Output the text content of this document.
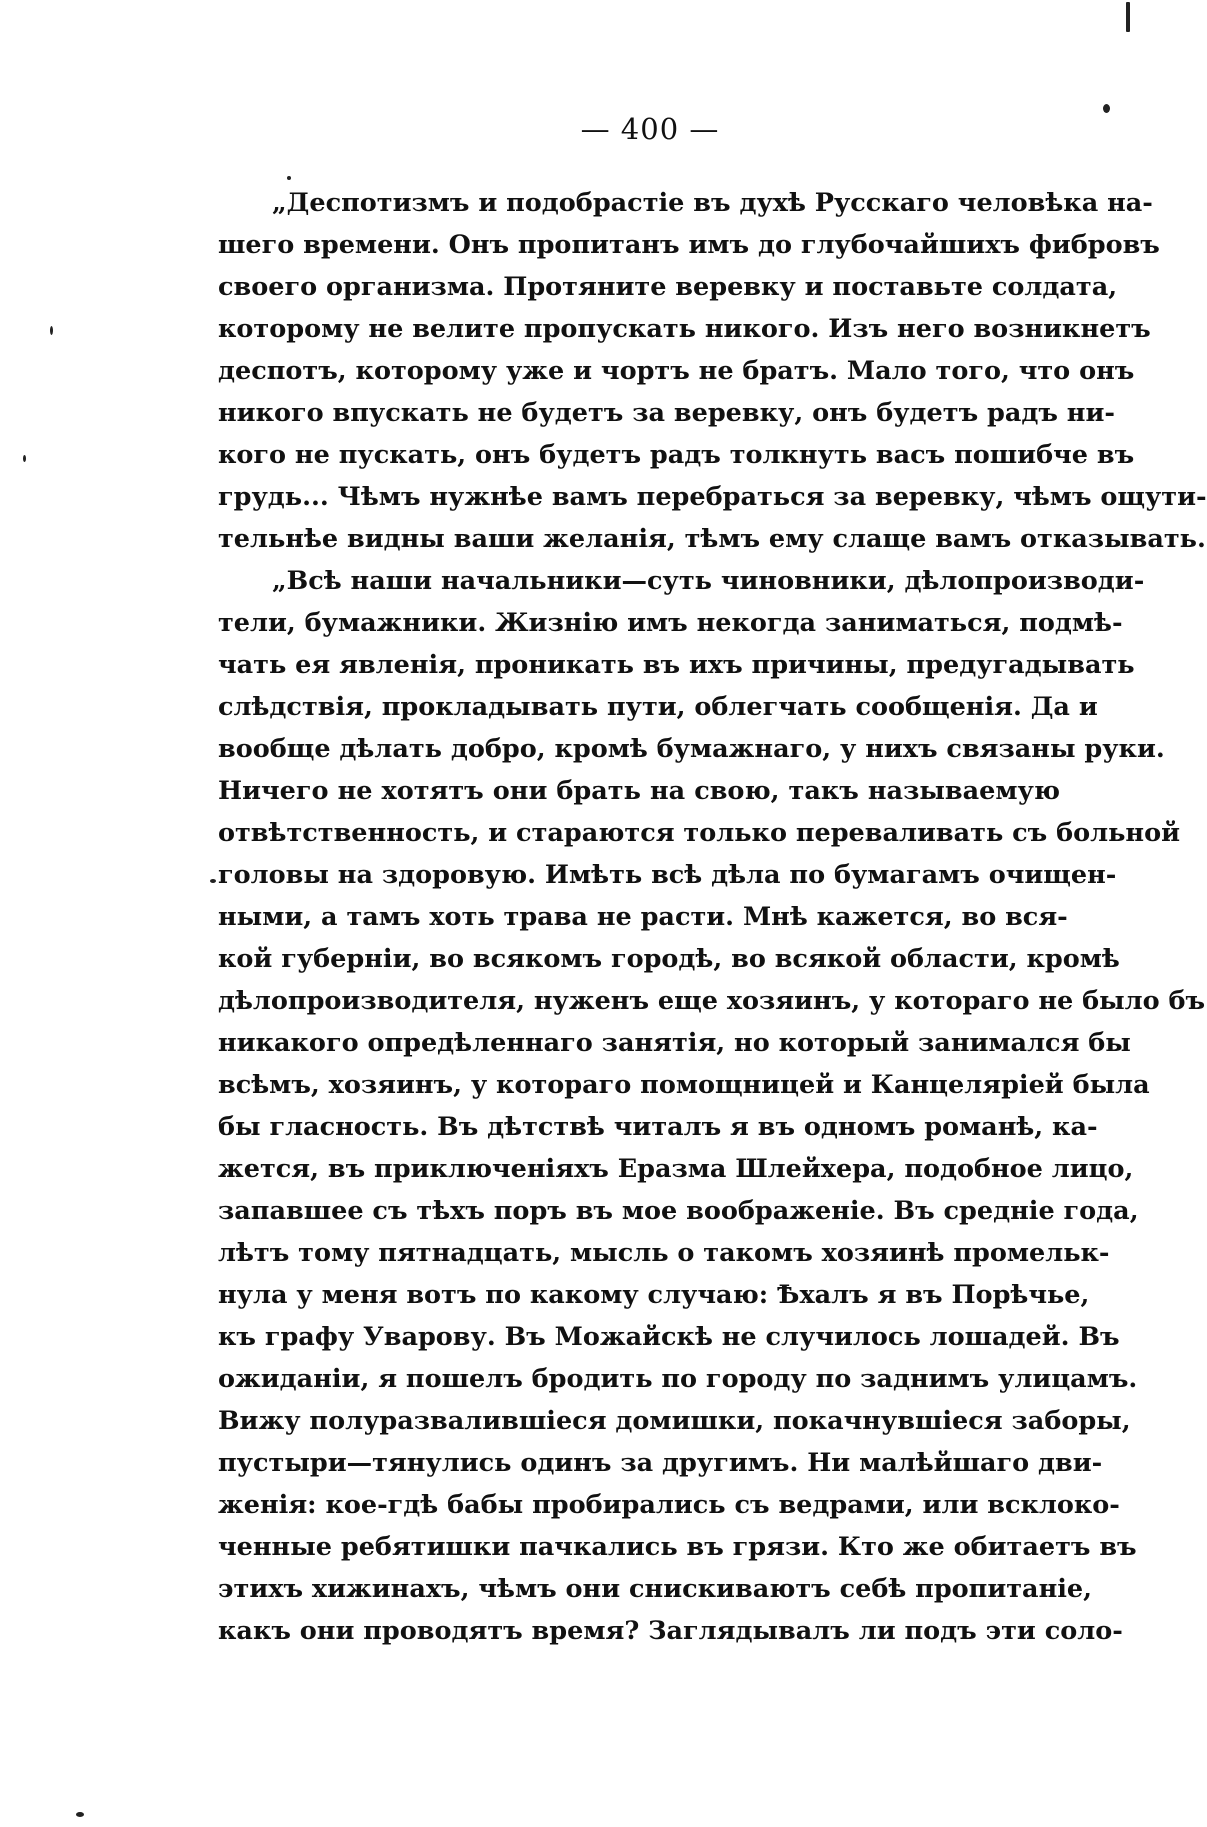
— 400 —
„Деспотизмъ и подобрастіе въ духѣ Русскаго человѣка на-
шего времени. Онъ пропитанъ имъ до глубочайшихъ фибровъ
своего организма. Протяните веревку и поставьте солдата,
которому не велите пропускать никого. Изъ него возникнетъ
деспотъ, которому уже и чортъ не братъ. Мало того, что онъ
никого впускать не будетъ за веревку, онъ будетъ радъ ни-
кого не пускать, онъ будетъ радъ толкнуть васъ пошибче въ
грудь... Чѣмъ нужнѣе вамъ перебраться за веревку, чѣмъ ощути-
тельнѣе видны ваши желанія, тѣмъ ему слаще вамъ отказывать.
„Всѣ наши начальники—суть чиновники, дѣлопроизводи-
тели, бумажники. Жизнію имъ некогда заниматься, подмѣ-
чать ея явленія, проникать въ ихъ причины, предугадывать
слѣдствія, прокладывать пути, облегчать сообщенія. Да и
вообще дѣлать добро, кромѣ бумажнаго, у нихъ связаны руки.
Ничего не хотятъ они брать на свою, такъ называемую
отвѣтственность, и стараются только переваливать съ больной
головы на здоровую. Имѣть всѣ дѣла по бумагамъ очищен-
ными, а тамъ хоть трава не расти. Мнѣ кажется, во вся-
кой губерніи, во всякомъ городѣ, во всякой области, кромѣ
дѣлопроизводителя, нуженъ еще хозяинъ, у котораго не было бъ
никакого опредѣленнаго занятія, но который занимался бы
всѣмъ, хозяинъ, у котораго помощницей и Канцеляріей была
бы гласность. Въ дѣтствѣ читалъ я въ одномъ романѣ, ка-
жется, въ приключеніяхъ Еразма Шлейхера, подобное лицо,
запавшее съ тѣхъ поръ въ мое воображеніе. Въ средніе года,
лѣтъ тому пятнадцать, мысль о такомъ хозяинѣ промельк-
нула у меня вотъ по какому случаю: Ѣхалъ я въ Порѣчье,
къ графу Уварову. Въ Можайскѣ не случилось лошадей. Въ
ожиданіи, я пошелъ бродить по городу по заднимъ улицамъ.
Вижу полуразвалившіеся домишки, покачнувшіеся заборы,
пустыри—тянулись одинъ за другимъ. Ни малѣйшаго дви-
женія: кое-гдѣ бабы пробирались съ ведрами, или всклоко-
ченные ребятишки пачкались въ грязи. Кто же обитаетъ въ
этихъ хижинахъ, чѣмъ они снискиваютъ себѣ пропитаніе,
какъ они проводятъ время? Заглядывалъ ли подъ эти соло-
